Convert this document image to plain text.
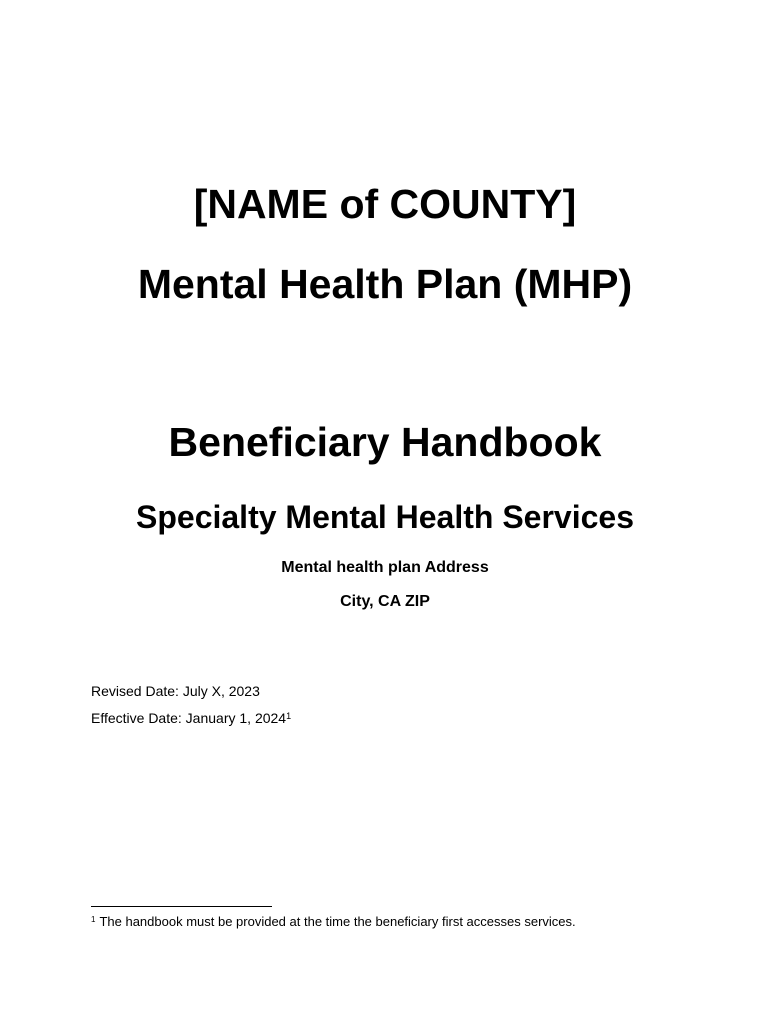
[NAME of COUNTY]
Mental Health Plan (MHP)
Beneficiary Handbook
Specialty Mental Health Services
Mental health plan Address
City, CA ZIP
Revised Date: July X, 2023
Effective Date: January 1, 2024$^1$
$^1$ The handbook must be provided at the time the beneficiary first accesses services.
